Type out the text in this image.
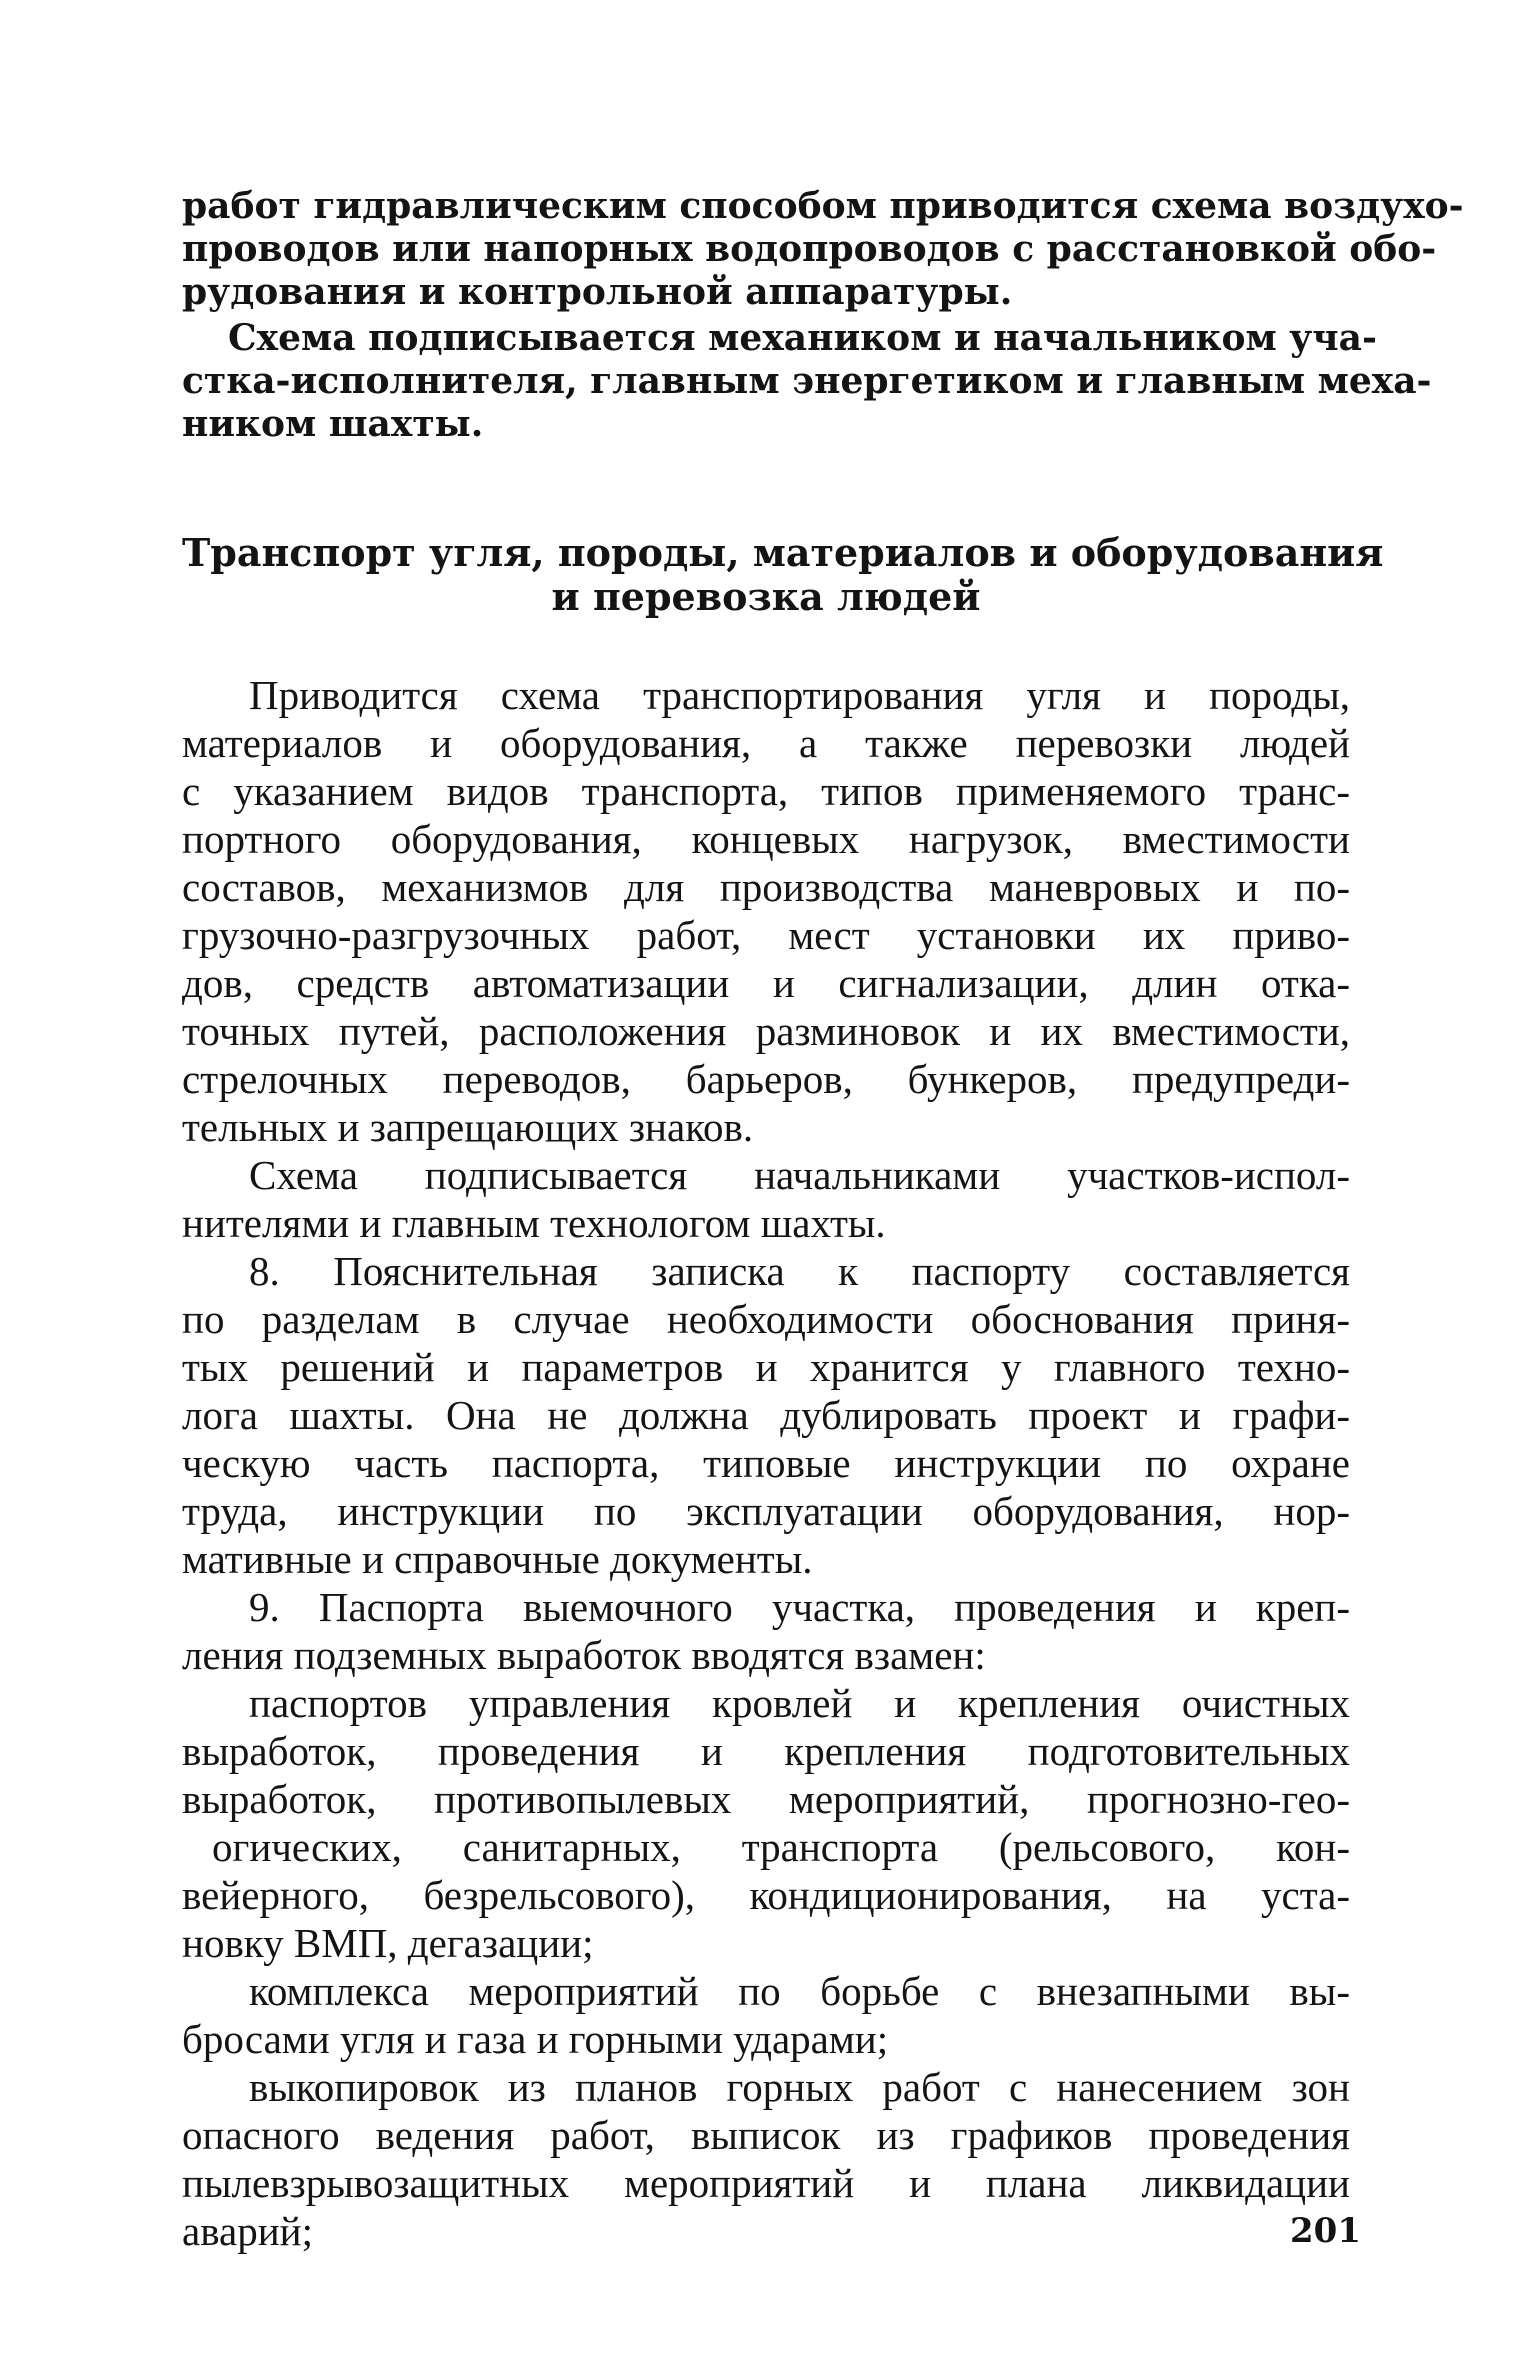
работ гидравлическим способом приводится схема воздухо-
проводов или напорных водопроводов с расстановкой обо-
рудования и контрольной аппаратуры.
Схема подписывается механиком и начальником уча-
стка-исполнителя, главным энергетиком и главным меха-
ником шахты.
Транспорт угля, породы, материалов и оборудования
и перевозка людей
Приводится схема транспортирования угля и породы,
материалов и оборудования, а также перевозки людей
с указанием видов транспорта, типов применяемого транс-
портного оборудования, концевых нагрузок, вместимости
составов, механизмов для производства маневровых и по-
грузочно-разгрузочных работ, мест установки их приво-
дов, средств автоматизации и сигнализации, длин отка-
точных путей, расположения разминовок и их вместимости,
стрелочных переводов, барьеров, бункеров, предупреди-
тельных и запрещающих знаков.
Схема подписывается начальниками участков-испол-
нителями и главным технологом шахты.
8. Пояснительная записка к паспорту составляется
по разделам в случае необходимости обоснования приня-
тых решений и параметров и хранится у главного техно-
лога шахты. Она не должна дублировать проект и графи-
ческую часть паспорта, типовые инструкции по охране
труда, инструкции по эксплуатации оборудования, нор-
мативные и справочные документы.
9. Паспорта выемочного участка, проведения и креп-
ления подземных выработок вводятся взамен:
паспортов управления кровлей и крепления очистных
выработок, проведения и крепления подготовительных
выработок, противопылевых мероприятий, прогнозно-гео-
огических, санитарных, транспорта (рельсового, кон-
вейерного, безрельсового), кондиционирования, на уста-
новку ВМП, дегазации;
комплекса мероприятий по борьбе с внезапными вы-
бросами угля и газа и горными ударами;
выкопировок из планов горных работ с нанесением зон
опасного ведения работ, выписок из графиков проведения
пылевзрывозащитных мероприятий и плана ликвидации
аварий;	201
